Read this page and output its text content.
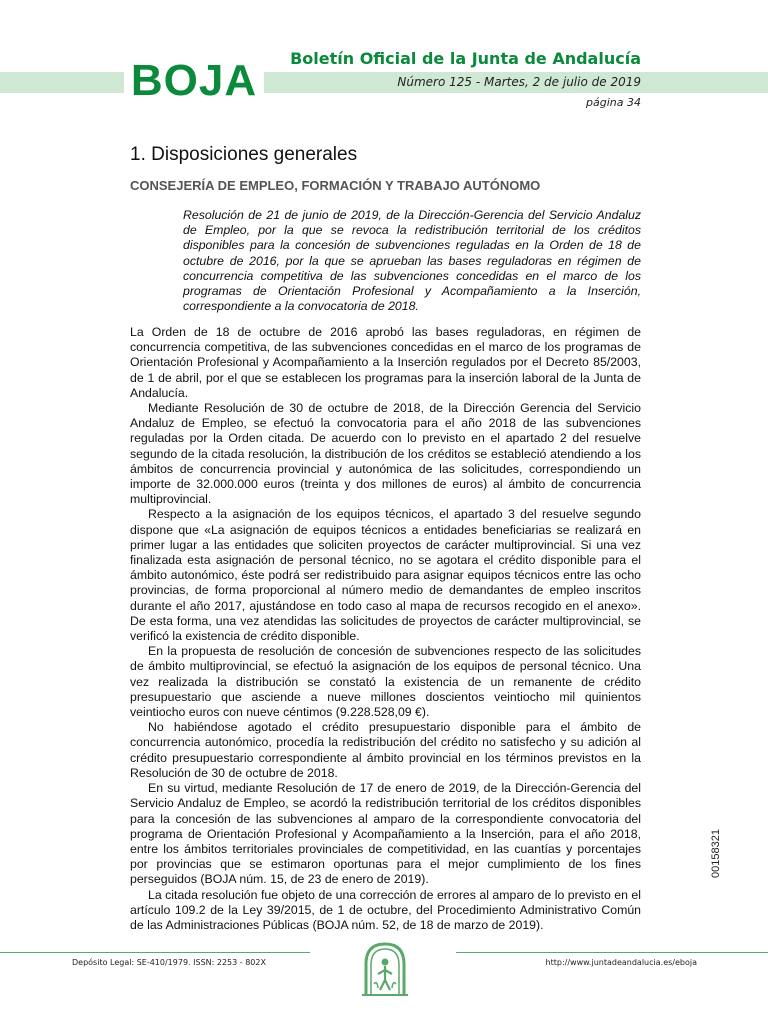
BOJA	Boletín Oficial de la Junta de Andalucía
Número 125 - Martes, 2 de julio de 2019
página 34
1. Disposiciones generales
CONSEJERÍA DE EMPLEO, FORMACIÓN Y TRABAJO AUTÓNOMO
Resolución de 21 de junio de 2019, de la Dirección-Gerencia del Servicio Andaluz de Empleo, por la que se revoca la redistribución territorial de los créditos disponibles para la concesión de subvenciones reguladas en la Orden de 18 de octubre de 2016, por la que se aprueban las bases reguladoras en régimen de concurrencia competitiva de las subvenciones concedidas en el marco de los programas de Orientación Profesional y Acompañamiento a la Inserción, correspondiente a la convocatoria de 2018.

La Orden de 18 de octubre de 2016 aprobó las bases reguladoras, en régimen de concurrencia competitiva, de las subvenciones concedidas en el marco de los programas de Orientación Profesional y Acompañamiento a la Inserción regulados por el Decreto 85/2003, de 1 de abril, por el que se establecen los programas para la inserción laboral de la Junta de Andalucía.

Mediante Resolución de 30 de octubre de 2018, de la Dirección Gerencia del Servicio Andaluz de Empleo, se efectuó la convocatoria para el año 2018 de las subvenciones reguladas por la Orden citada. De acuerdo con lo previsto en el apartado 2 del resuelve segundo de la citada resolución, la distribución de los créditos se estableció atendiendo a los ámbitos de concurrencia provincial y autonómica de las solicitudes, correspondiendo un importe de 32.000.000 euros (treinta y dos millones de euros) al ámbito de concurrencia multiprovincial.

Respecto a la asignación de los equipos técnicos, el apartado 3 del resuelve segundo dispone que «La asignación de equipos técnicos a entidades beneficiarias se realizará en primer lugar a las entidades que soliciten proyectos de carácter multiprovincial. Si una vez finalizada esta asignación de personal técnico, no se agotara el crédito disponible para el ámbito autonómico, éste podrá ser redistribuido para asignar equipos técnicos entre las ocho provincias, de forma proporcional al número medio de demandantes de empleo inscritos durante el año 2017, ajustándose en todo caso al mapa de recursos recogido en el anexo». De esta forma, una vez atendidas las solicitudes de proyectos de carácter multiprovincial, se verificó la existencia de crédito disponible.

En la propuesta de resolución de concesión de subvenciones respecto de las solicitudes de ámbito multiprovincial, se efectuó la asignación de los equipos de personal técnico. Una vez realizada la distribución se constató la existencia de un remanente de crédito presupuestario que asciende a nueve millones doscientos veintiocho mil quinientos veintiocho euros con nueve céntimos (9.228.528,09 €).

No habiéndose agotado el crédito presupuestario disponible para el ámbito de concurrencia autonómico, procedía la redistribución del crédito no satisfecho y su adición al crédito presupuestario correspondiente al ámbito provincial en los términos previstos en la Resolución de 30 de octubre de 2018.

En su virtud, mediante Resolución de 17 de enero de 2019, de la Dirección-Gerencia del Servicio Andaluz de Empleo, se acordó la redistribución territorial de los créditos disponibles para la concesión de las subvenciones al amparo de la correspondiente convocatoria del programa de Orientación Profesional y Acompañamiento a la Inserción, para el año 2018, entre los ámbitos territoriales provinciales de competitividad, en las cuantías y porcentajes por provincias que se estimaron oportunas para el mejor cumplimiento de los fines perseguidos (BOJA núm. 15, de 23 de enero de 2019).

La citada resolución fue objeto de una corrección de errores al amparo de lo previsto en el artículo 109.2 de la Ley 39/2015, de 1 de octubre, del Procedimiento Administrativo Común de las Administraciones Públicas (BOJA núm. 52, de 18 de marzo de 2019).

00158321
Depósito Legal: SE-410/1979. ISSN: 2253 - 802X	http://www.juntadeandalucia.es/eboja
